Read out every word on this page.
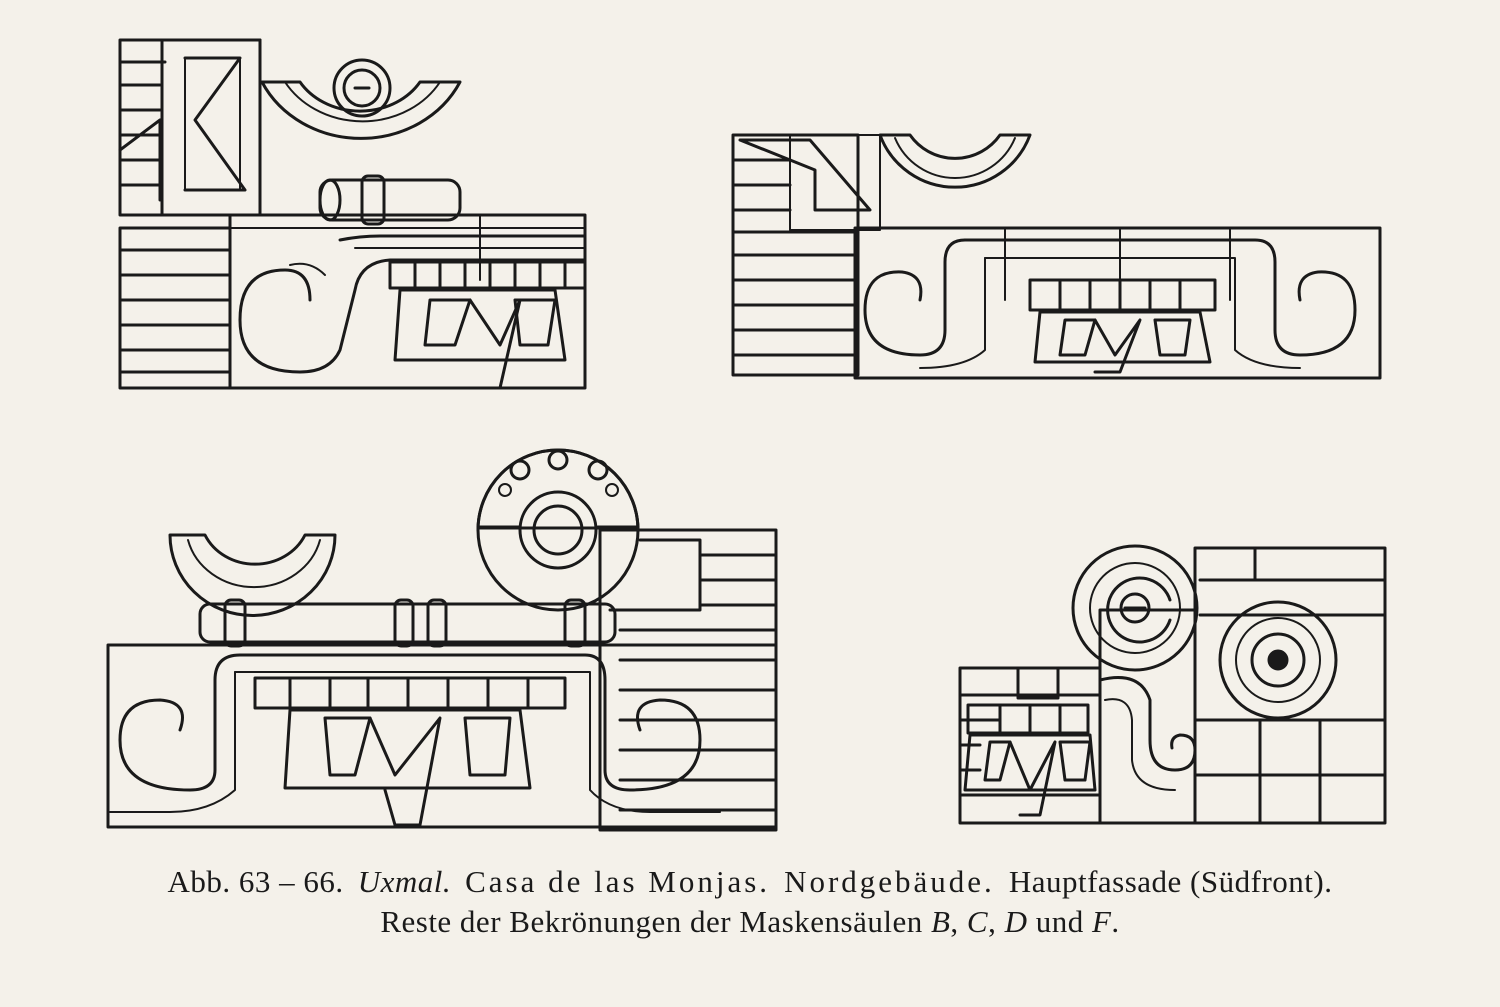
Abb. 63 – 66. Uxmal. Casa de las Monjas. Nordgebäude. Hauptfassade (Südfront).
Reste der Bekrönungen der Maskensäulen B, C, D und F.
